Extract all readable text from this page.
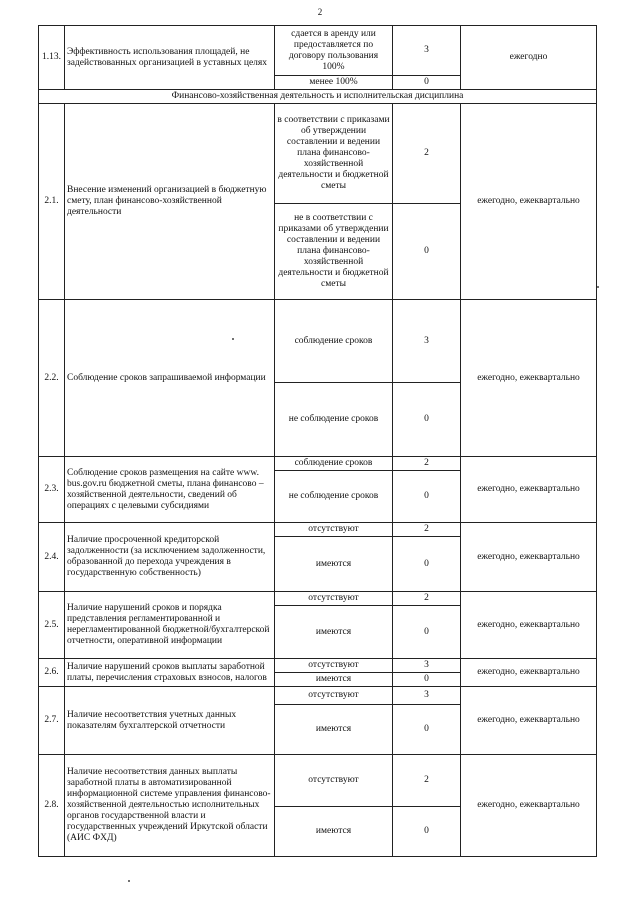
2
1.13.	Эффективность использования площадей, не задействованных организацией в уставных целях	сдается в аренду или предоставляется по договору пользования 100%	3	ежегодно
		менее 100%	0	
Финансово-хозяйственная деятельность и исполнительская дисциплина				
2.1.	Внесение изменений организацией в бюджетную смету, план финансово-хозяйственной деятельности	в соответствии с приказами об утверждении составлении и ведении плана финансово-хозяйственной деятельности и бюджетной сметы	2	ежегодно, ежеквартально
		не в соответствии с приказами об утверждении составлении и ведении плана финансово-хозяйственной деятельности и бюджетной сметы	0	
2.2.	Соблюдение сроков запрашиваемой информации	соблюдение сроков	3	ежегодно, ежеквартально
		не соблюдение сроков	0	
2.3.	Соблюдение сроков размещения на сайте www. bus.gov.ru бюджетной сметы, плана финансово – хозяйственной деятельности, сведений об операциях с целевыми субсидиями	соблюдение сроков	2	ежегодно, ежеквартально
		не соблюдение сроков	0	
2.4.	Наличие просроченной кредиторской задолженности (за исключением задолженности, образованной до перехода учреждения в государственную собственность)	отсутствуют	2	ежегодно, ежеквартально
		имеются	0	
2.5.	Наличие нарушений сроков и порядка представления регламентированной и нерегламентированной бюджетной/бухгалтерской отчетности, оперативной информации	отсутствуют	2	ежегодно, ежеквартально
		имеются	0	
2.6.	Наличие нарушений сроков выплаты заработной платы, перечисления страховых взносов, налогов	отсутствуют	3	ежегодно, ежеквартально
		имеются	0	
2.7.	Наличие несоответствия учетных данных показателям бухгалтерской отчетности	отсутствуют	3	ежегодно, ежеквартально
		имеются	0	
2.8.	Наличие несоответствия данных выплаты заработной платы в автоматизированной информационной системе управления финансово-хозяйственной деятельностью исполнительных органов государственной власти и государственных учреждений Иркутской области (АИС ФХД)	отсутствуют	2	ежегодно, ежеквартально
		имеются	0	
